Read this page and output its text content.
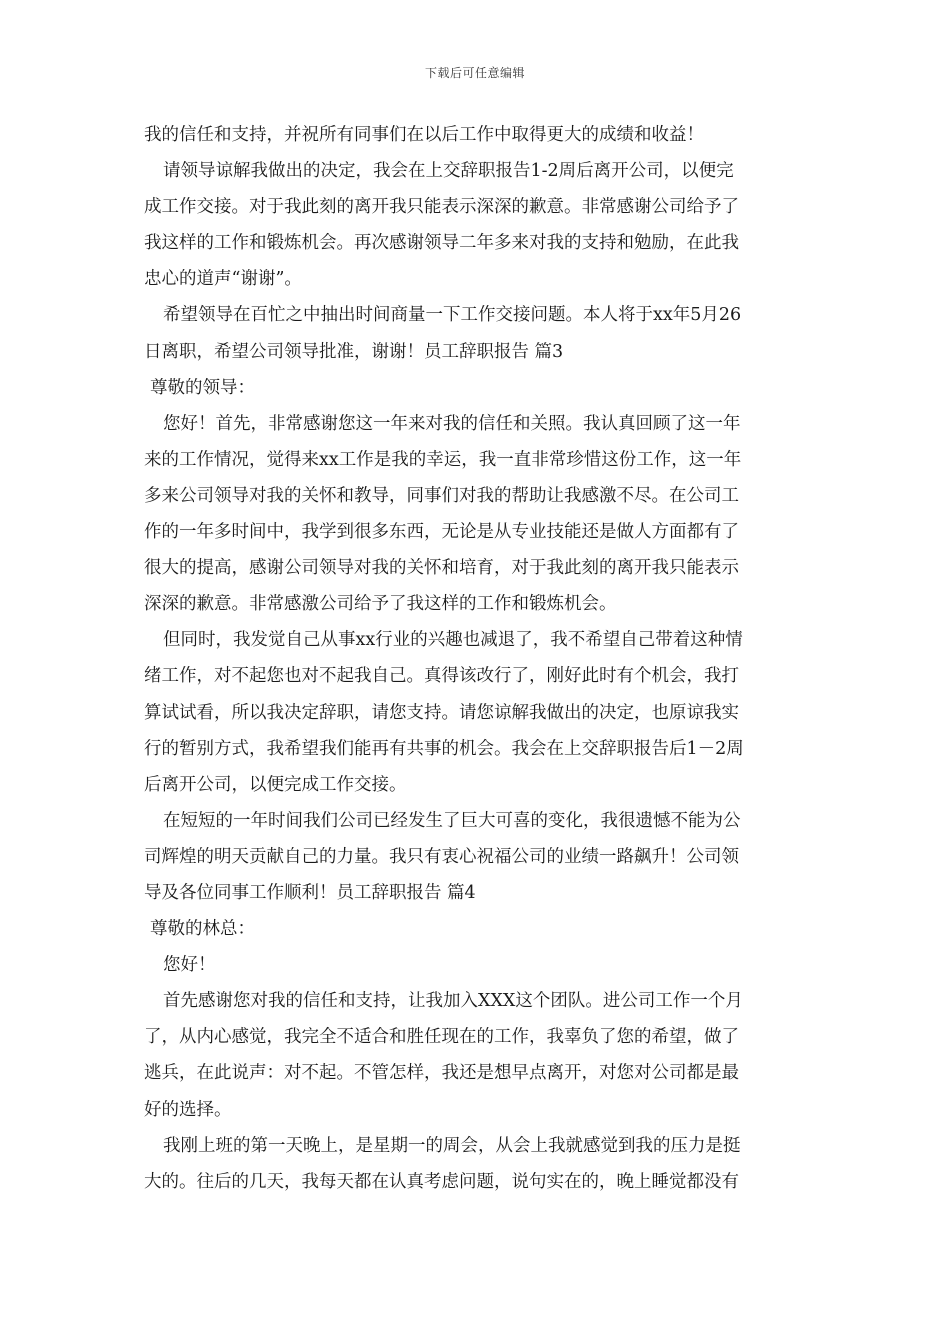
下载后可任意编辑
我的信任和支持，并祝所有同事们在以后工作中取得更大的成绩和收益！
请领导谅解我做出的决定，我会在上交辞职报告1-2周后离开公司，以便完
成工作交接。对于我此刻的离开我只能表示深深的歉意。非常感谢公司给予了
我这样的工作和锻炼机会。再次感谢领导二年多来对我的支持和勉励，在此我
忠心的道声“谢谢”。
希望领导在百忙之中抽出时间商量一下工作交接问题。本人将于xx年5月26
日离职，希望公司领导批准，谢谢！员工辞职报告 篇3
尊敬的领导：
您好！首先，非常感谢您这一年来对我的信任和关照。我认真回顾了这一年
来的工作情况，觉得来xx工作是我的幸运，我一直非常珍惜这份工作，这一年
多来公司领导对我的关怀和教导，同事们对我的帮助让我感激不尽。在公司工
作的一年多时间中，我学到很多东西，无论是从专业技能还是做人方面都有了
很大的提高，感谢公司领导对我的关怀和培育，对于我此刻的离开我只能表示
深深的歉意。非常感激公司给予了我这样的工作和锻炼机会。
但同时，我发觉自己从事xx行业的兴趣也减退了，我不希望自己带着这种情
绪工作，对不起您也对不起我自己。真得该改行了，刚好此时有个机会，我打
算试试看，所以我决定辞职，请您支持。请您谅解我做出的决定，也原谅我实
行的暂别方式，我希望我们能再有共事的机会。我会在上交辞职报告后1－2周
后离开公司，以便完成工作交接。
在短短的一年时间我们公司已经发生了巨大可喜的变化，我很遗憾不能为公
司辉煌的明天贡献自己的力量。我只有衷心祝福公司的业绩一路飙升！公司领
导及各位同事工作顺利！员工辞职报告 篇4
尊敬的林总：
您好！
首先感谢您对我的信任和支持，让我加入XXX这个团队。进公司工作一个月
了，从内心感觉，我完全不适合和胜任现在的工作，我辜负了您的希望，做了
逃兵，在此说声：对不起。不管怎样，我还是想早点离开，对您对公司都是最
好的选择。
我刚上班的第一天晚上，是星期一的周会，从会上我就感觉到我的压力是挺
大的。往后的几天，我每天都在认真考虑问题，说句实在的，晚上睡觉都没有
